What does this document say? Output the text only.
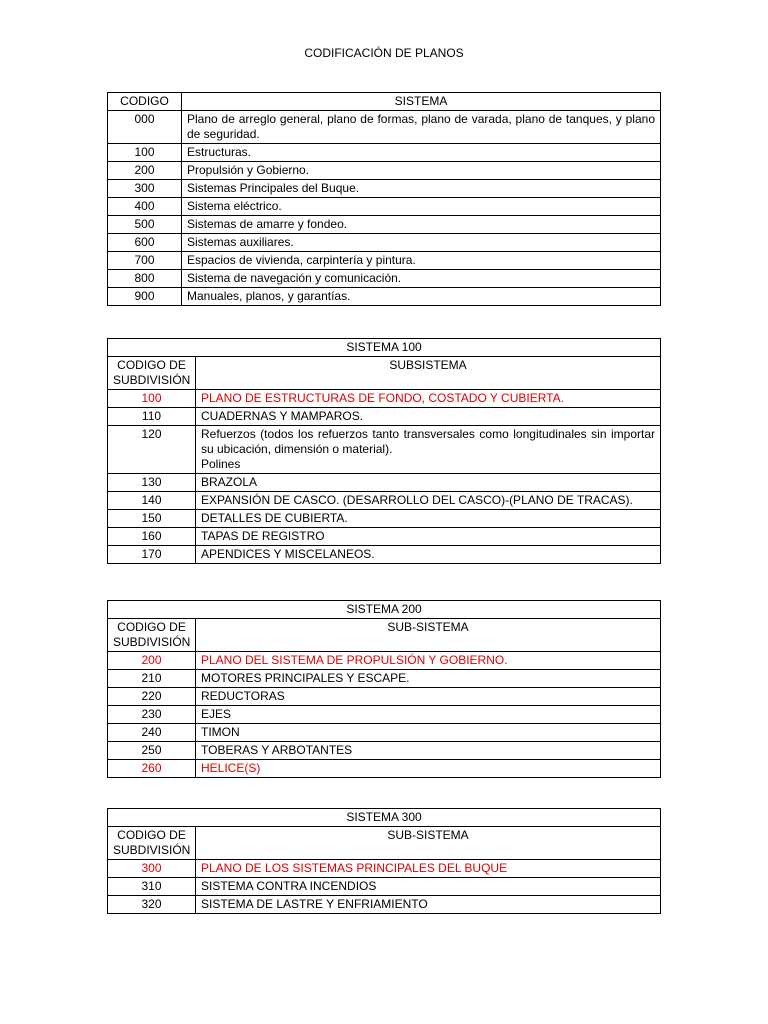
CODIFICACIÓN DE PLANOS
CODIGO	SISTEMA
000	Plano de arreglo general, plano de formas, plano de varada, plano de tanques, y plano de seguridad.
100	Estructuras.
200	Propulsión y Gobierno.
300	Sistemas Principales del Buque.
400	Sistema eléctrico.
500	Sistemas de amarre y fondeo.
600	Sistemas auxiliares.
700	Espacios de vivienda, carpintería y pintura.
800	Sistema de navegación y comunicación.
900	Manuales, planos, y garantías.
SISTEMA 100	
CODIGO DE SUBDIVISIÓN	SUBSISTEMA
100	PLANO DE ESTRUCTURAS DE FONDO, COSTADO Y CUBIERTA.
110	CUADERNAS Y MAMPAROS.
120	Refuerzos (todos los refuerzos tanto transversales como longitudinales sin importar su ubicación, dimensión o material).
Polines

130	BRAZOLA
140	EXPANSIÓN DE CASCO. (DESARROLLO DEL CASCO)-(PLANO DE TRACAS).
150	DETALLES DE CUBIERTA.
160	TAPAS DE REGISTRO
170	APENDICES Y MISCELANEOS.
SISTEMA 200	
CODIGO DE SUBDIVISIÓN	SUB-SISTEMA
200	PLANO DEL SISTEMA DE PROPULSIÓN Y GOBIERNO.
210	MOTORES PRINCIPALES Y ESCAPE.
220	REDUCTORAS
230	EJES
240	TIMON
250	TOBERAS Y ARBOTANTES
260	HELICE(S)
SISTEMA 300	
CODIGO DE SUBDIVISIÓN	SUB-SISTEMA
300	PLANO DE LOS SISTEMAS PRINCIPALES DEL BUQUE
310	SISTEMA CONTRA INCENDIOS
320	SISTEMA DE LASTRE Y ENFRIAMIENTO
